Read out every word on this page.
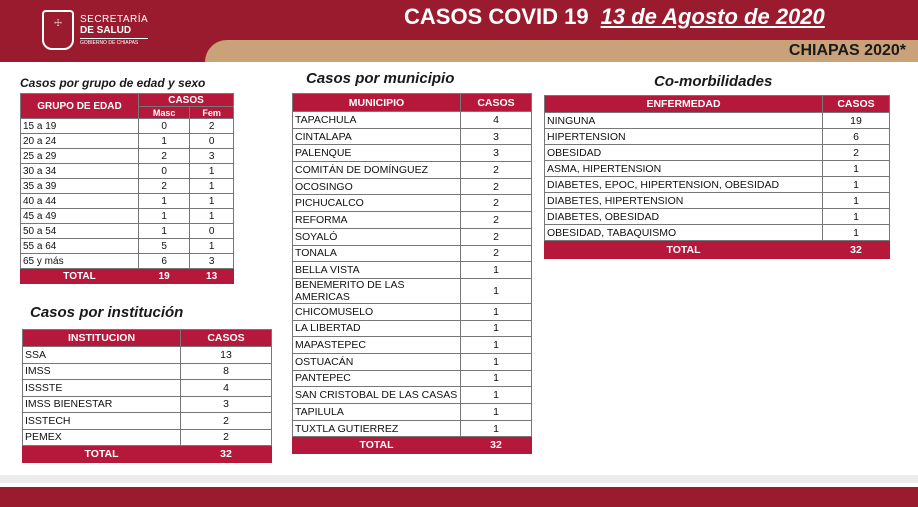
☩	SECRETARÍA
DE SALUD
GOBIERNO DE CHIAPAS
CASOS COVID 19 13 de Agosto de 2020
CHIAPAS 2020*
Casos por grupo de edad y sexo
GRUPO DE EDAD	CASOS	
	Masc	Fem
15 a 19	0	2
20 a 24	1	0
25 a 29	2	3
30 a 34	0	1
35 a 39	2	1
40 a 44	1	1
45 a 49	1	1
50 a 54	1	0
55 a 64	5	1
65 y más	6	3
TOTAL	19	13
Casos por institución
INSTITUCION	CASOS
SSA	13
IMSS	8
ISSSTE	4
IMSS BIENESTAR	3
ISSTECH	2
PEMEX	2
TOTAL	32
Casos por municipio
MUNICIPIO	CASOS
TAPACHULA	4
CINTALAPA	3
PALENQUE	3
COMITÁN DE DOMÍNGUEZ	2
OCOSINGO	2
PICHUCALCO	2
REFORMA	2
SOYALÓ	2
TONALA	2
BELLA VISTA	1
BENEMERITO DE LAS AMERICAS	1
CHICOMUSELO	1
LA LIBERTAD	1
MAPASTEPEC	1
OSTUACÁN	1
PANTEPEC	1
SAN CRISTOBAL DE LAS CASAS	1
TAPILULA	1
TUXTLA GUTIERREZ	1
TOTAL	32
Co-morbilidades
ENFERMEDAD	CASOS
NINGUNA	19
HIPERTENSION	6
OBESIDAD	2
ASMA, HIPERTENSION	1
DIABETES, EPOC, HIPERTENSION, OBESIDAD	1
DIABETES, HIPERTENSION	1
DIABETES, OBESIDAD	1
OBESIDAD, TABAQUISMO	1
TOTAL	32
